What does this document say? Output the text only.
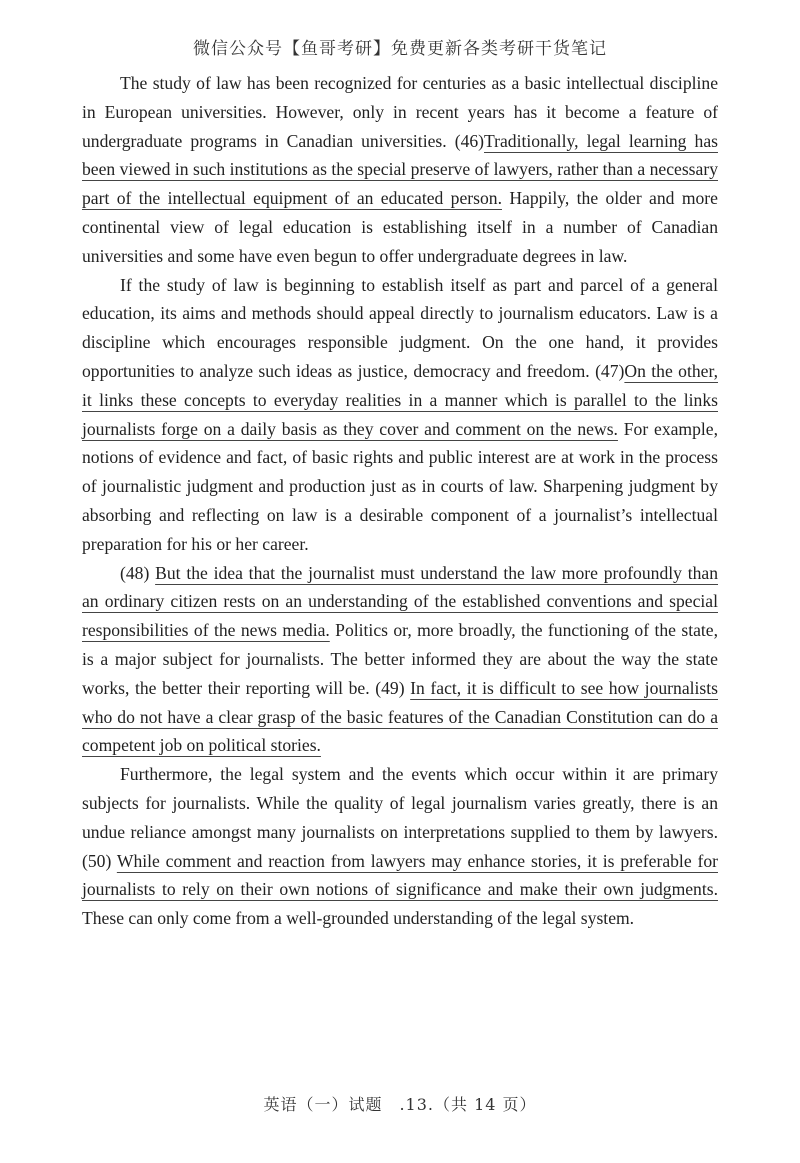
微信公众号【鱼哥考研】免费更新各类考研干货笔记

The study of law has been recognized for centuries as a basic intellectual discipline in European universities. However, only in recent years has it become a feature of undergraduate programs in Canadian universities. (46)Traditionally, legal learning has been viewed in such institutions as the special preserve of lawyers, rather than a necessary part of the intellectual equipment of an educated person. Happily, the older and more continental view of legal education is establishing itself in a number of Canadian universities and some have even begun to offer undergraduate degrees in law.

If the study of law is beginning to establish itself as part and parcel of a general education, its aims and methods should appeal directly to journalism educators. Law is a discipline which encourages responsible judgment. On the one hand, it provides opportunities to analyze such ideas as justice, democracy and freedom. (47)On the other, it links these concepts to everyday realities in a manner which is parallel to the links journalists forge on a daily basis as they cover and comment on the news. For example, notions of evidence and fact, of basic rights and public interest are at work in the process of journalistic judgment and production just as in courts of law. Sharpening judgment by absorbing and reflecting on law is a desirable component of a journalist’s intellectual preparation for his or her career.

(48) But the idea that the journalist must understand the law more profoundly than an ordinary citizen rests on an understanding of the established conventions and special responsibilities of the news media. Politics or, more broadly, the functioning of the state, is a major subject for journalists. The better informed they are about the way the state works, the better their reporting will be. (49) In fact, it is difficult to see how journalists who do not have a clear grasp of the basic features of the Canadian Constitution can do a competent job on political stories.

Furthermore, the legal system and the events which occur within it are primary subjects for journalists. While the quality of legal journalism varies greatly, there is an undue reliance amongst many journalists on interpretations supplied to them by lawyers. (50) While comment and reaction from lawyers may enhance stories, it is preferable for journalists to rely on their own notions of significance and make their own judgments. These can only come from a well-grounded understanding of the legal system.

英语（一）试题　.13.（共 14 页）
